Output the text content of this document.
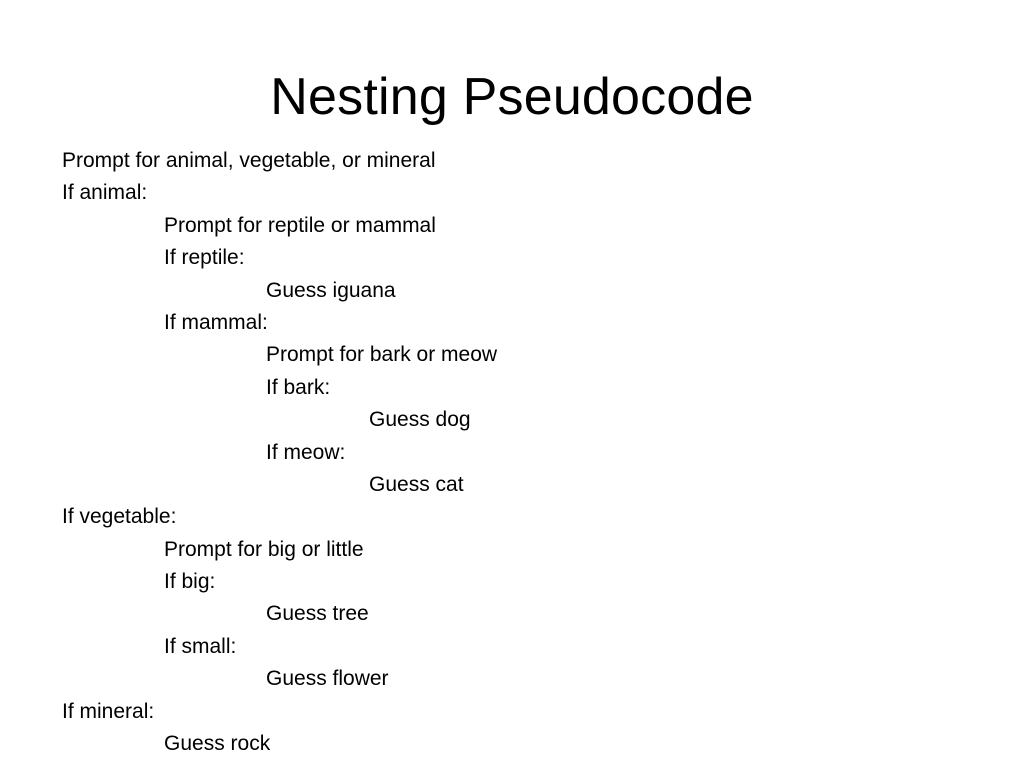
Nesting Pseudocode
Prompt for animal, vegetable, or mineral
If animal:
Prompt for reptile or mammal
If reptile:
Guess iguana
If mammal:
Prompt for bark or meow
If bark:
Guess dog
If meow:
Guess cat
If vegetable:
Prompt for big or little
If big:
Guess tree
If small:
Guess flower
If mineral:
Guess rock
